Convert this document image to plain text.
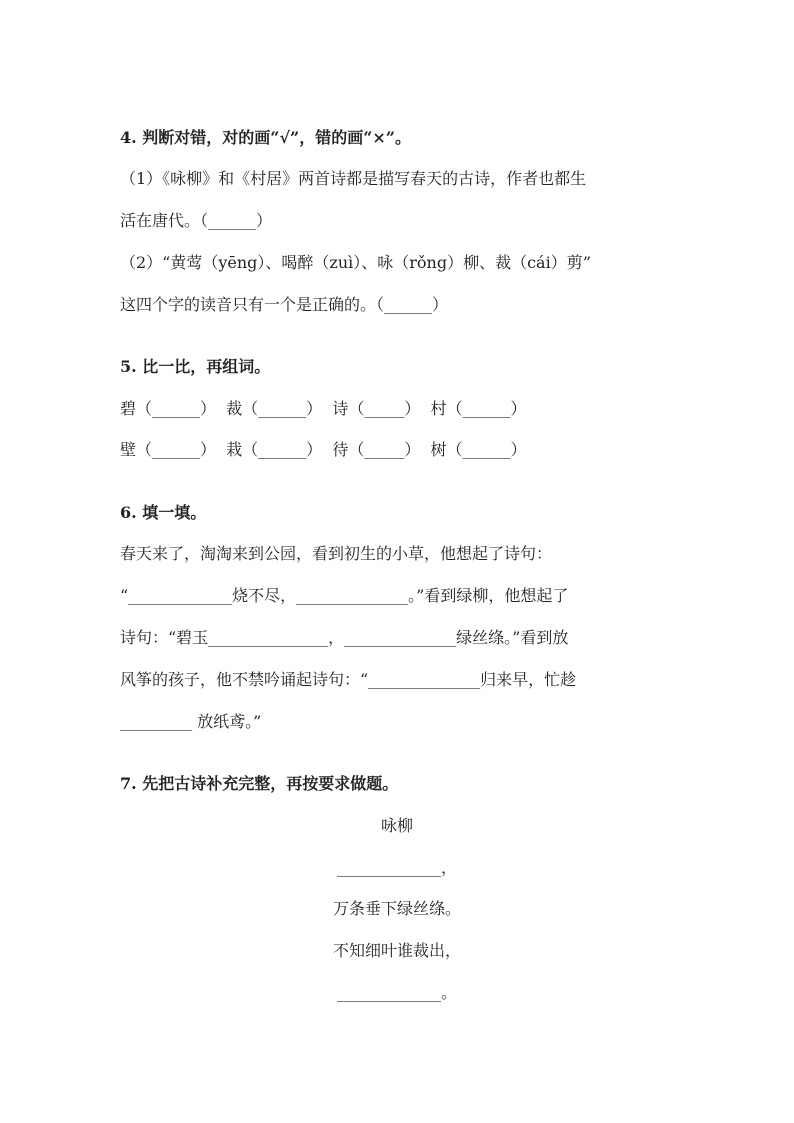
4. 判断对错，对的画“√”，错的画“×”。
（1）《咏柳》和《村居》两首诗都是描写春天的古诗，作者也都生
活在唐代。（______）
（2）“黄莺（yēng）、喝醉（zuì）、咏（rǒng）柳、裁（cái）剪”
这四个字的读音只有一个是正确的。（______）
5. 比一比，再组词。
碧（______）  裁（______）  诗（_____）  村（______）
壁（______）  栽（______）  待（_____）  树（______）
6. 填一填。
春天来了，淘淘来到公园，看到初生的小草，他想起了诗句：
“_____________烧不尽，______________。”看到绿柳，他想起了
诗句：“碧玉_______________，______________绿丝绦。”看到放
风筝的孩子，他不禁吟诵起诗句：“______________归来早，忙趁
_________ 放纸鸢。”
7. 先把古诗补充完整，再按要求做题。
咏柳
_____________，
万条垂下绿丝绦。
不知细叶谁裁出，
_____________。
